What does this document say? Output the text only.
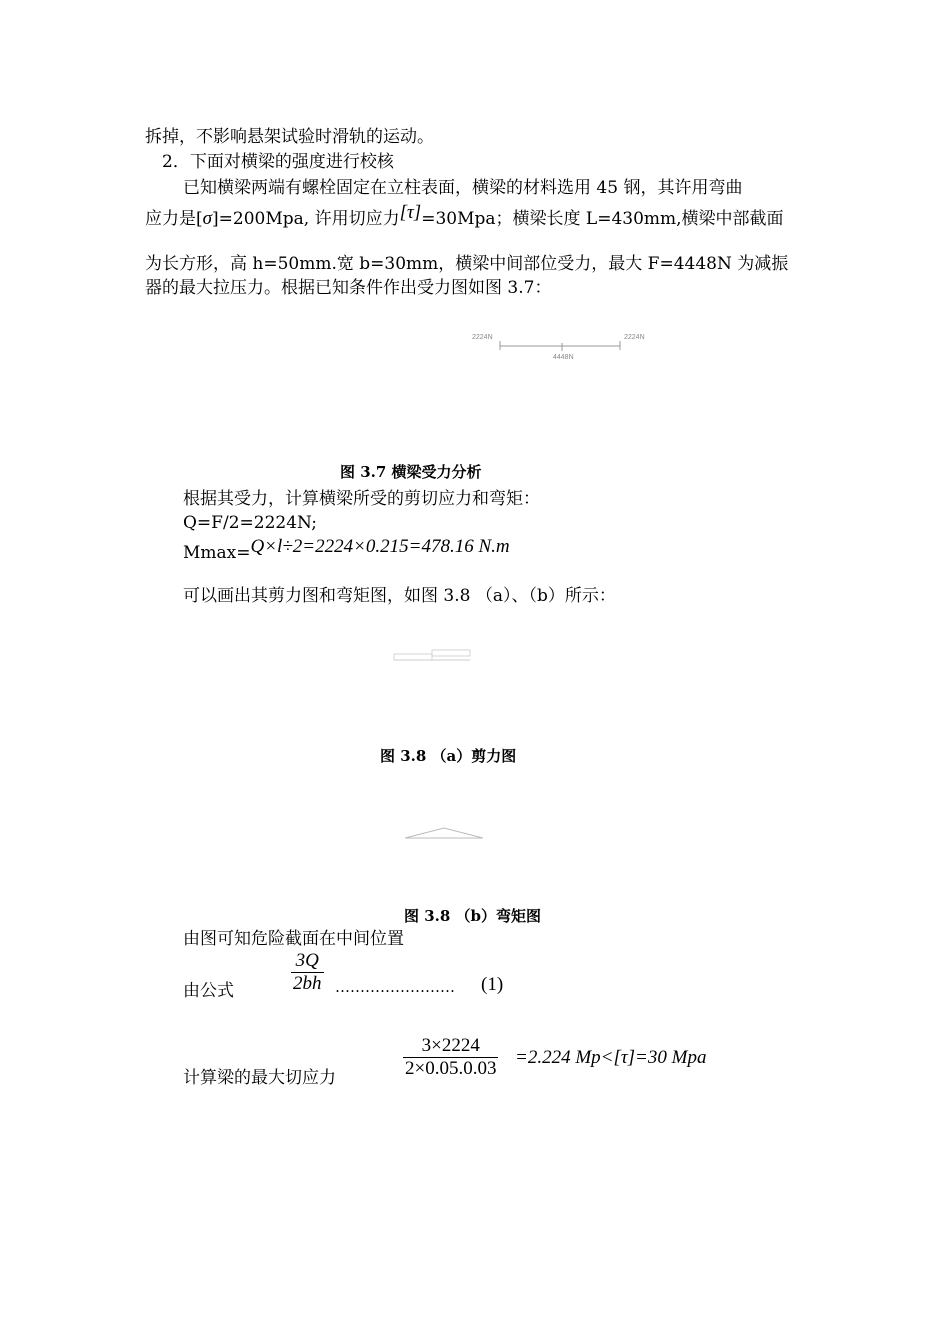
拆掉，不影响悬架试验时滑轨的运动。
2．下面对横梁的强度进行校核
已知横梁两端有螺栓固定在立柱表面，横梁的材料选用 45 钢，其许用弯曲
应力是[σ]=200Mpa, 许用切应力[τ]=30Mpa；横梁长度 L=430mm,横梁中部截面
为长方形，高 h=50mm.宽 b=30mm，横梁中间部位受力，最大 F=4448N 为减振
器的最大拉压力。根据已知条件作出受力图如图 3.7：
2224N	2224N
4448N
图 3.7 横梁受力分析
根据其受力，计算横梁所受的剪切应力和弯矩：
Q=F/2=2224N;
Mmax=Q×l÷2=2224×0.215=478.16 N.m
可以画出其剪力图和弯矩图，如图 3.8 （a）、（b）所示：
图 3.8 （a）剪力图
图 3.8 （b）弯矩图
由图可知危险截面在中间位置
由公式	$\frac{3Q}{2bh}$ …………………… (1)
计算梁的最大切应力	$\frac{3\times 2224}{2\times 0.05.0.03} =2.224$ Mp<[τ]=30 Mpa
